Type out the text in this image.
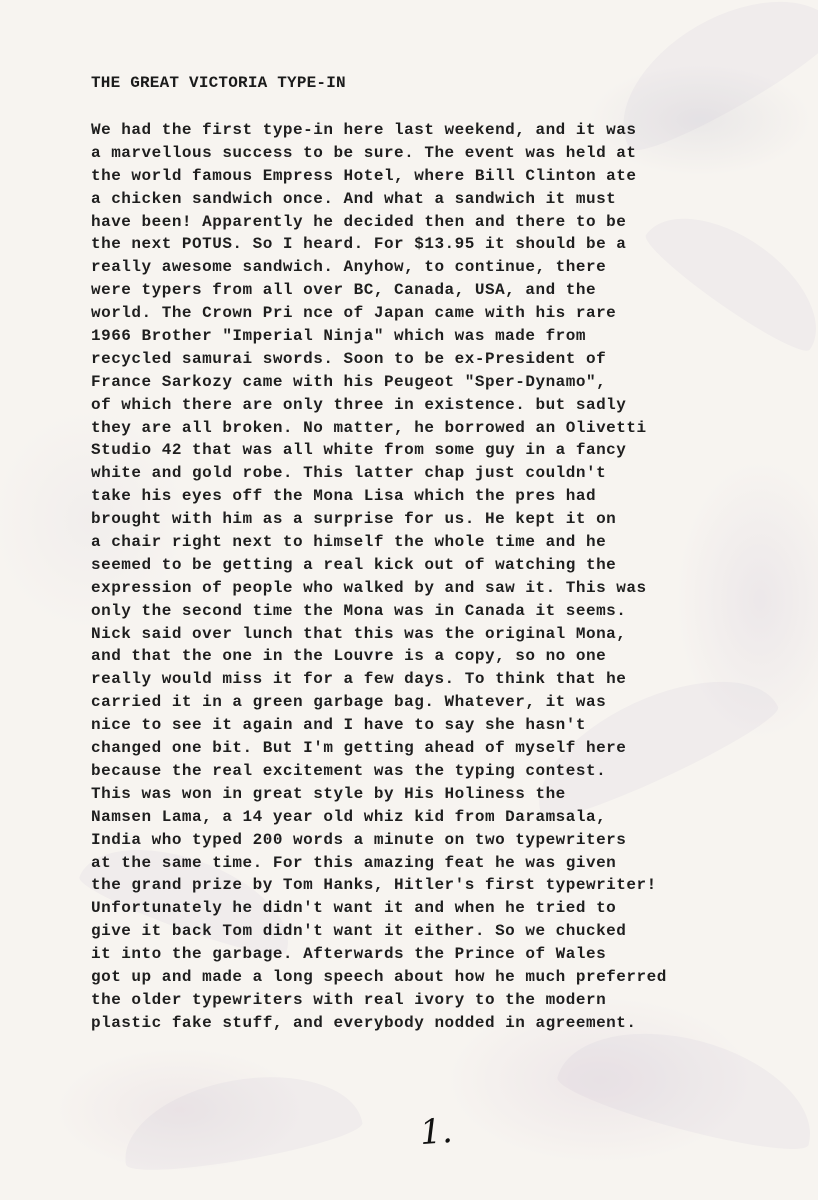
THE GREAT VICTORIA TYPE-IN
We had the first type-in here last weekend, and it was
a marvellous success to be sure. The event was held at
the world famous Empress Hotel, where Bill Clinton ate
a chicken sandwich once. And what a sandwich it must
have been! Apparently he decided then and there to be
the next POTUS. So I heard. For $13.95 it should be a
really awesome sandwich. Anyhow, to continue, there
were typers from all over BC, Canada, USA, and the
world. The Crown Pri nce of Japan came with his rare
1966 Brother "Imperial Ninja" which was made from
recycled samurai swords. Soon to be ex-President of
France Sarkozy came with his Peugeot "Sper-Dynamo",
of which there are only three in existence. but sadly
they are all broken. No matter, he borrowed an Olivetti
Studio 42 that was all white from some guy in a fancy
white and gold robe. This latter chap just couldn't
take his eyes off the Mona Lisa which the pres had
brought with him as a surprise for us. He kept it on
a chair right next to himself the whole time and he
seemed to be getting a real kick out of watching the
expression of people who walked by and saw it. This was
only the second time the Mona was in Canada it seems.
Nick said over lunch that this was the original Mona,
and that the one in the Louvre is a copy, so no one
really would miss it for a few days. To think that he
carried it in a green garbage bag. Whatever, it was
nice to see it again and I have to say she hasn't
changed one bit. But I'm getting ahead of myself here
because the real excitement was the typing contest.
This was won in great style by His Holiness the
Namsen Lama, a 14 year old whiz kid from Daramsala,
India who typed 200 words a minute on two typewriters
at the same time. For this amazing feat he was given
the grand prize by Tom Hanks, Hitler's first typewriter!
Unfortunately he didn't want it and when he tried to
give it back Tom didn't want it either. So we chucked
it into the garbage. Afterwards the Prince of Wales
got up and made a long speech about how he much preferred
the older typewriters with real ivory to the modern
plastic fake stuff, and everybody nodded in agreement.
1.
